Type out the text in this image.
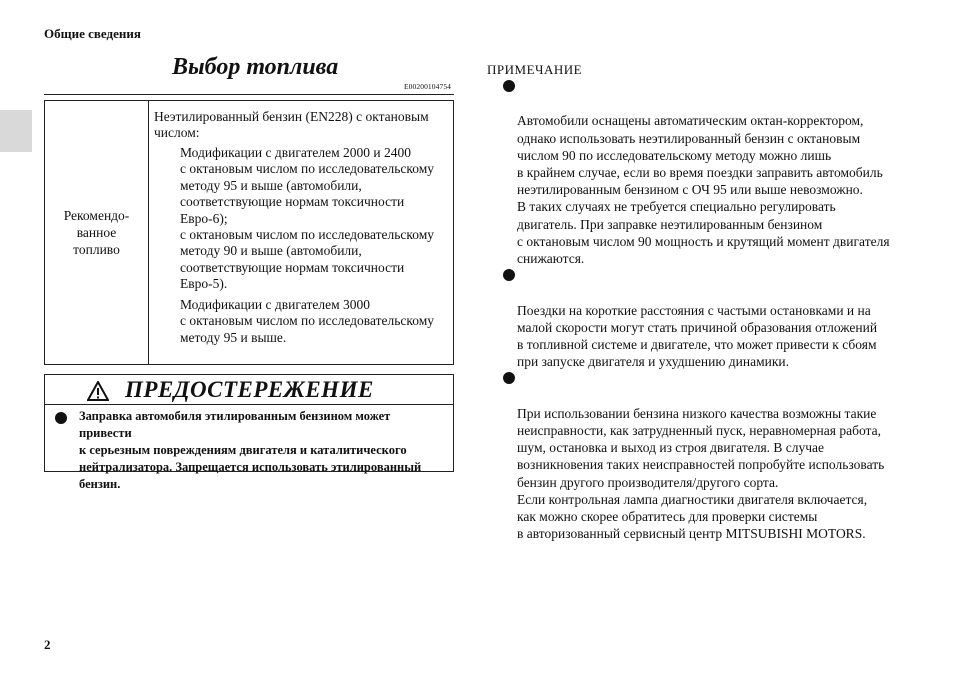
Общие сведения
Выбор топлива
E00200104754
Рекомендо-
ванное
топливо
Неэтилированный бензин (EN228) с октановым числом:
Модификации с двигателем 2000 и 2400
с октановым числом по исследовательскому
методу 95 и выше (автомобили,
соответствующие нормам токсичности
Евро-6);
с октановым числом по исследовательскому
методу 90 и выше (автомобили,
соответствующие нормам токсичности
Евро-5).
Модификации с двигателем 3000
с октановым числом по исследовательскому
методу 95 и выше.
ПРЕДОСТЕРЕЖЕНИЕ
Заправка автомобиля этилированным бензином может привести
к серьезным повреждениям двигателя и каталитического
нейтрализатора. Запрещается использовать этилированный
бензин.
ПРИМЕЧАНИЕ

Автомобили оснащены автоматическим октан-корректором,
однако использовать неэтилированный бензин с октановым
числом 90 по исследовательскому методу можно лишь
в крайнем случае, если во время поездки заправить автомобиль
неэтилированным бензином с ОЧ 95 или выше невозможно.
В таких случаях не требуется специально регулировать
двигатель. При заправке неэтилированным бензином
с октановым числом 90 мощность и крутящий момент двигателя
снижаются.

Поездки на короткие расстояния с частыми остановками и на
малой скорости могут стать причиной образования отложений
в топливной системе и двигателе, что может привести к сбоям
при запуске двигателя и ухудшению динамики.

При использовании бензина низкого качества возможны такие
неисправности, как затрудненный пуск, неравномерная работа,
шум, остановка и выход из строя двигателя. В случае
возникновения таких неисправностей попробуйте использовать
бензин другого производителя/другого сорта.
Если контрольная лампа диагностики двигателя включается,
как можно скорее обратитесь для проверки системы
в авторизованный сервисный центр MITSUBISHI MOTORS.

2
